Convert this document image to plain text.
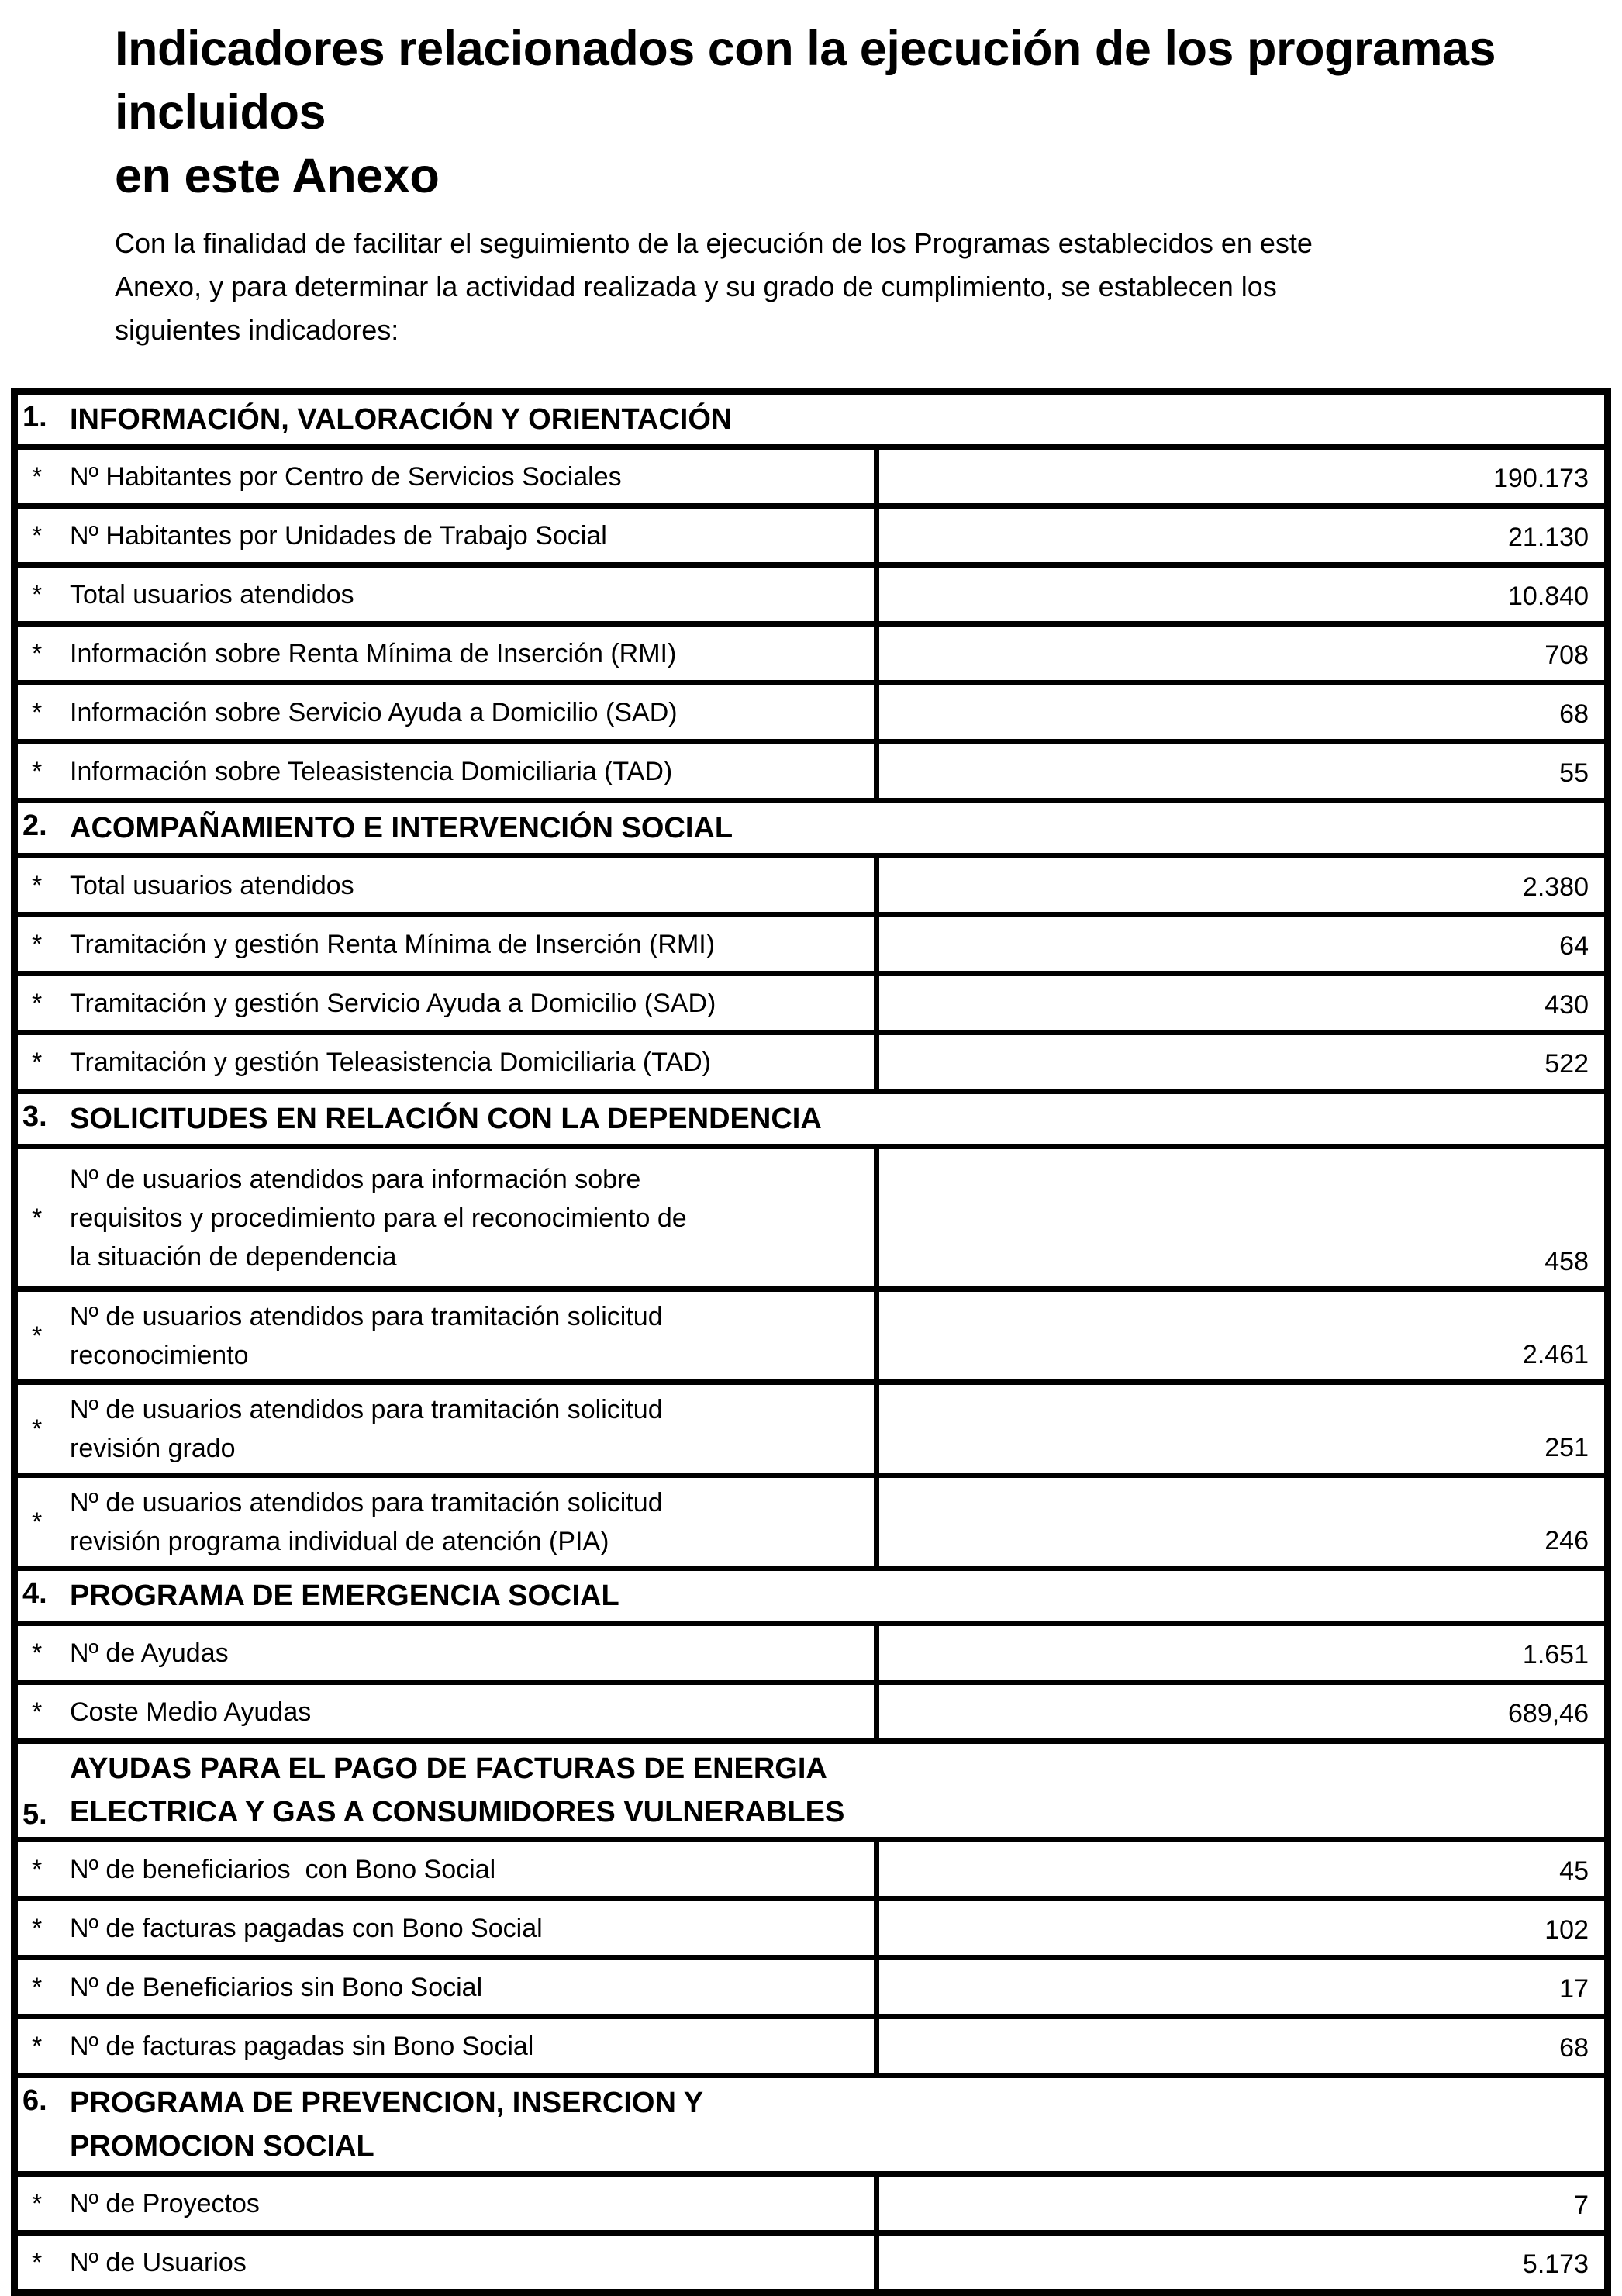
Indicadores relacionados con la ejecución de los programas incluidos
en este Anexo
Con la finalidad de facilitar el seguimiento de la ejecución de los Programas establecidos en este
Anexo, y para determinar la actividad realizada y su grado de cumplimiento, se establecen los
siguientes indicadores:
1. INFORMACIÓN, VALORACIÓN Y ORIENTACIÓN	

* Nº Habitantes por Centro de Servicios Sociales	190.173

* Nº Habitantes por Unidades de Trabajo Social	21.130

* Total usuarios atendidos	10.840

* Información sobre Renta Mínima de Inserción (RMI)	708

* Información sobre Servicio Ayuda a Domicilio (SAD)	68

* Información sobre Teleasistencia Domiciliaria (TAD)	55

2. ACOMPAÑAMIENTO E INTERVENCIÓN SOCIAL	

* Total usuarios atendidos	2.380

* Tramitación y gestión Renta Mínima de Inserción (RMI)	64

* Tramitación y gestión Servicio Ayuda a Domicilio (SAD)	430

* Tramitación y gestión Teleasistencia Domiciliaria (TAD)	522

3. SOLICITUDES EN RELACIÓN CON LA DEPENDENCIA	

*
Nº de usuarios atendidos para información sobre
requisitos y procedimiento para el reconocimiento de
la situación de dependencia	458

*
Nº de usuarios atendidos para tramitación solicitud
reconocimiento	2.461

*
Nº de usuarios atendidos para tramitación solicitud
revisión grado	251

*
Nº de usuarios atendidos para tramitación solicitud
revisión programa individual de atención (PIA)	246

4. PROGRAMA DE EMERGENCIA SOCIAL	

* Nº de Ayudas	1.651

* Coste Medio Ayudas	689,46

5.
AYUDAS PARA EL PAGO DE FACTURAS DE ENERGIA
ELECTRICA Y GAS A CONSUMIDORES VULNERABLES	

* Nº de beneficiarios  con Bono Social	45

* Nº de facturas pagadas con Bono Social	102

* Nº de Beneficiarios sin Bono Social	17

* Nº de facturas pagadas sin Bono Social	68

6. PROGRAMA DE PREVENCION, INSERCION Y
PROMOCION SOCIAL	

* Nº de Proyectos	7

* Nº de Usuarios	5.173
